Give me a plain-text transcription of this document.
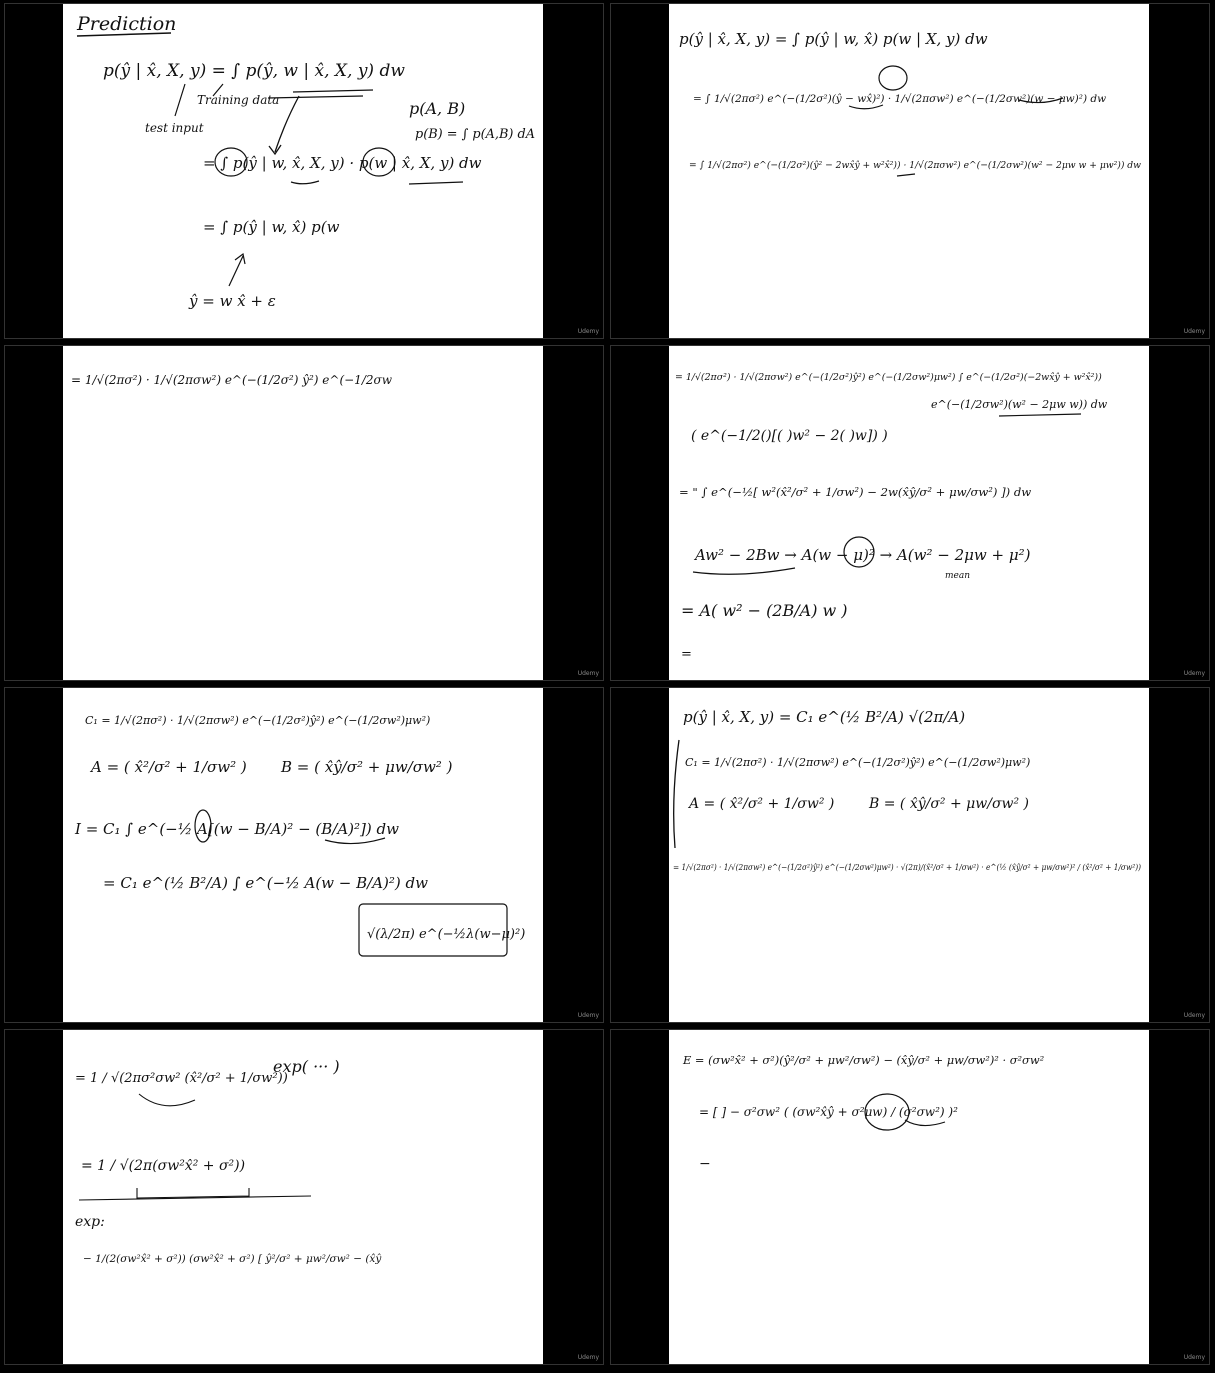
Prediction
p(ŷ | x̂, X, y) = ∫ p(ŷ, w | x̂, X, y) dw
test input
Training data	p(A, B)
p(B) = ∫ p(A,B) dA
= ∫ p(ŷ | w, x̂, X, y) · p(w | x̂, X, y) dw
= ∫ p(ŷ | w, x̂) p(w
ŷ = w x̂ + ε
Udemy
p(ŷ | x̂, X, y) = ∫ p(ŷ | w, x̂) p(w | X, y) dw
= ∫ 1/√(2πσ²) e^(−(1/2σ²)(ŷ − wx̂)²) · 1/√(2πσw²) e^(−(1/2σw²)(w − μw)²) dw
= ∫ 1/√(2πσ²) e^(−(1/2σ²)(ŷ² − 2wx̂ŷ + w²x̂²)) · 1/√(2πσw²) e^(−(1/2σw²)(w² − 2μw w + μw²)) dw
Udemy
= 1/√(2πσ²) · 1/√(2πσw²) e^(−(1/2σ²) ŷ²) e^(−1/2σw
Udemy
= 1/√(2πσ²) · 1/√(2πσw²) e^(−(1/2σ²)ŷ²) e^(−(1/2σw²)μw²) ∫ e^(−(1/2σ²)(−2wx̂ŷ + w²x̂²))
e^(−(1/2σw²)(w² − 2μw w)) dw
( e^(−1/2()[( )w² − 2( )w]) )
= " ∫ e^(−½[ w²(x̂²/σ² + 1/σw²) − 2w(x̂ŷ/σ² + μw/σw²) ]) dw
Aw² − 2Bw → A(w − μ)² → A(w² − 2μw + μ²)
mean
= A( w² − (2B/A) w )
=
Udemy
C₁ = 1/√(2πσ²) · 1/√(2πσw²) e^(−(1/2σ²)ŷ²) e^(−(1/2σw²)μw²)
A = ( x̂²/σ² + 1/σw² ) B = ( x̂ŷ/σ² + μw/σw² )
I = C₁ ∫ e^(−½ A[(w − B/A)² − (B/A)²]) dw
= C₁ e^(½ B²/A) ∫ e^(−½ A(w − B/A)²) dw
√(λ/2π) e^(−½λ(w−μ)²)
Udemy
p(ŷ | x̂, X, y) = C₁ e^(½ B²/A) √(2π/A)
C₁ = 1/√(2πσ²) · 1/√(2πσw²) e^(−(1/2σ²)ŷ²) e^(−(1/2σw²)μw²)
A = ( x̂²/σ² + 1/σw² ) B = ( x̂ŷ/σ² + μw/σw² )
= 1/√(2πσ²) · 1/√(2πσw²) e^(−(1/2σ²)ŷ²) e^(−(1/2σw²)μw²) · √(2π)/(x̂²/σ² + 1/σw²) · e^(½ (x̂ŷ/σ² + μw/σw²)² / (x̂²/σ² + 1/σw²))
Udemy
= 1 / √(2πσ²σw² (x̂²/σ² + 1/σw²))
exp( ··· )
= 1 / √(2π(σw²x̂² + σ²))
exp:
− 1/(2(σw²x̂² + σ²)) (σw²x̂² + σ²) [ ŷ²/σ² + μw²/σw² − (x̂ŷ
Udemy
E = (σw²x̂² + σ²)(ŷ²/σ² + μw²/σw²) − (x̂ŷ/σ² + μw/σw²)² · σ²σw²
= [ ] − σ²σw² ( (σw²x̂ŷ + σ²μw) / (σ²σw²) )²
−
Udemy
